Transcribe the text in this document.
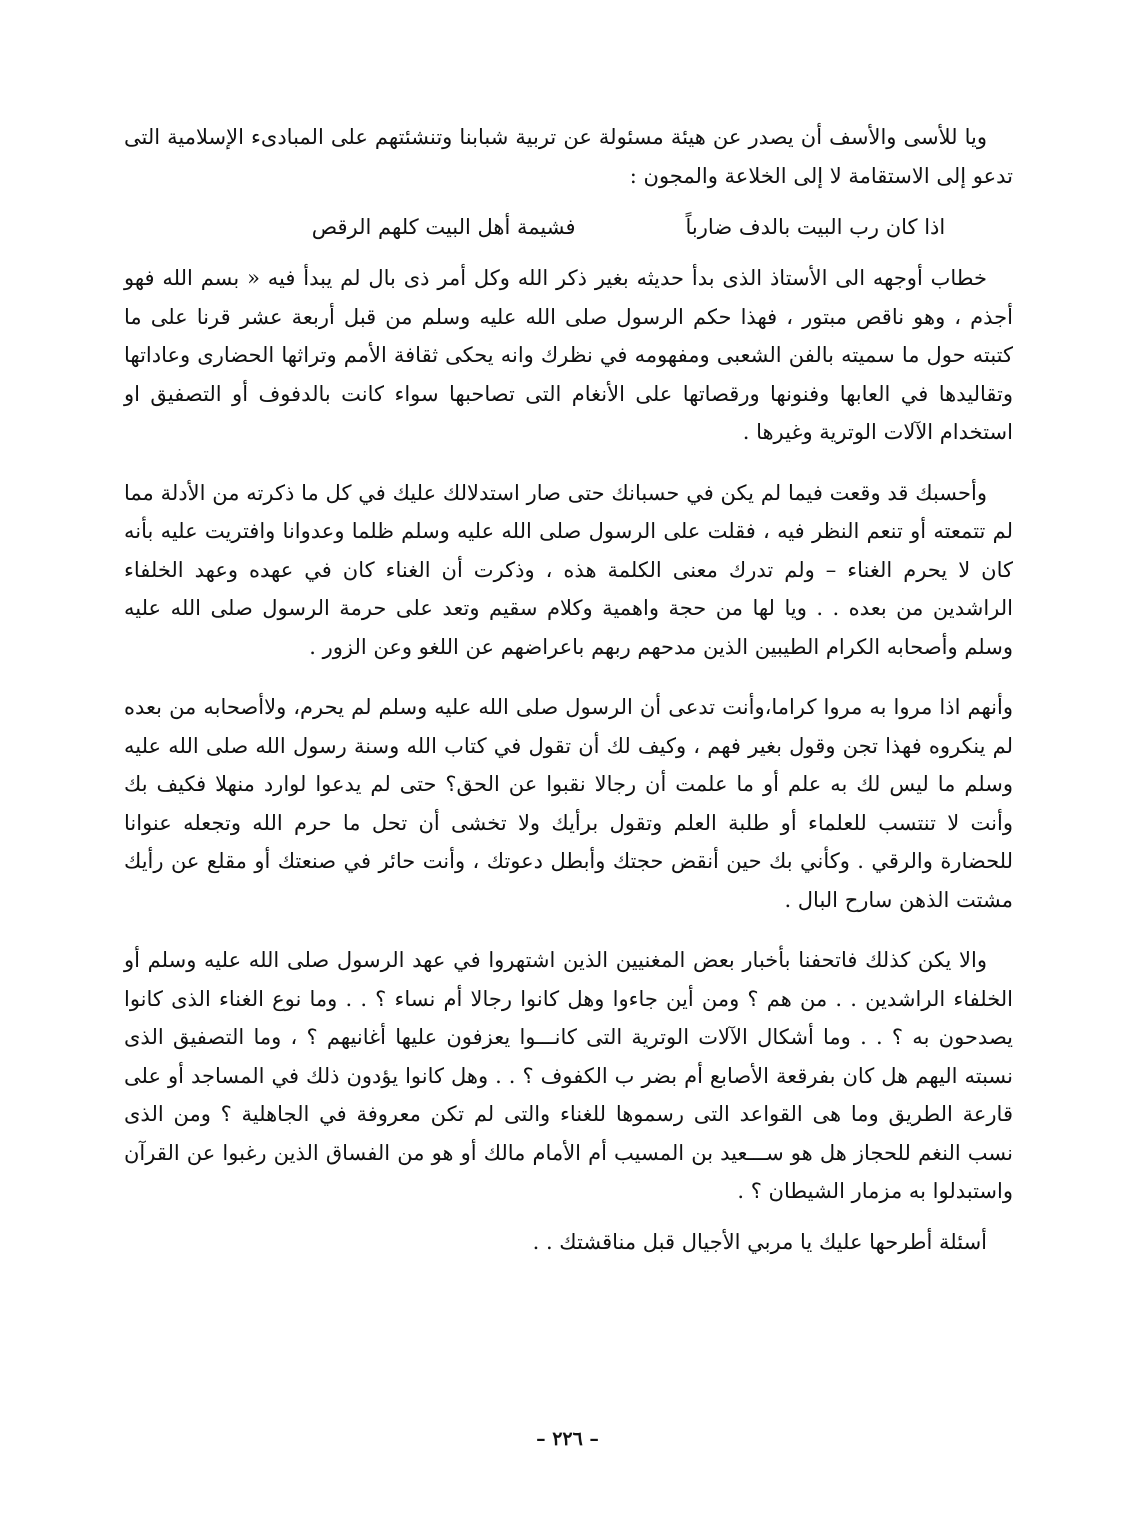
ويا للأسى والأسف أن يصدر عن هيئة مسئولة عن تربية شبابنا وتنشئتهم على المبادىء الإسلامية التى تدعو إلى الاستقامة لا إلى الخلاعة والمجون :

اذا كان رب البيت بالدف ضارباً
فشيمة أهل البيت كلهم الرقص

خطاب أوجهه الى الأستاذ الذى بدأ حديثه بغير ذكر الله وكل أمر ذى بال لم يبدأ فيه « بسم الله فهو أجذم ، وهو ناقص مبتور ، فهذا حكم الرسول صلى الله عليه وسلم من قبل أربعة عشر قرنا على ما كتبته حول ما سميته بالفن الشعبى ومفهومه في نظرك وانه يحكى ثقافة الأمم وتراثها الحضارى وعاداتها وتقاليدها في العابها وفنونها ورقصاتها على الأنغام التى تصاحبها سواء كانت بالدفوف أو التصفيق او استخدام الآلات الوترية وغيرها .

وأحسبك قد وقعت فيما لم يكن في حسبانك حتى صار استدلالك عليك في كل ما ذكرته من الأدلة مما لم تتمعته أو تنعم النظر فيه ، فقلت على الرسول صلى الله عليه وسلم ظلما وعدوانا وافتريت عليه بأنه كان لا يحرم الغناء – ولم تدرك معنى الكلمة هذه ، وذكرت أن الغناء كان في عهده وعهد الخلفاء الراشدين من بعده . . ويا لها من حجة واهمية وكلام سقيم وتعد على حرمة الرسول صلى الله عليه وسلم وأصحابه الكرام الطيبين الذين مدحهم ربهم باعراضهم عن اللغو وعن الزور .

وأنهم اذا مروا به مروا كراما،وأنت تدعى أن الرسول صلى الله عليه وسلم لم يحرم، ولاأصحابه من بعده لم ينكروه فهذا تجن وقول بغير فهم ، وكيف لك أن تقول في كتاب الله وسنة رسول الله صلى الله عليه وسلم ما ليس لك به علم أو ما علمت أن رجالا نقبوا عن الحق؟ حتى لم يدعوا لوارد منهلا فكيف بك وأنت لا تنتسب للعلماء أو طلبة العلم وتقول برأيك ولا تخشى أن تحل ما حرم الله وتجعله عنوانا للحضارة والرقي . وكأني بك حين أنقض حجتك وأبطل دعوتك ، وأنت حائر في صنعتك أو مقلع عن رأيك مشتت الذهن سارح البال .

والا يكن كذلك فاتحفنا بأخبار بعض المغنيين الذين اشتهروا في عهد الرسول صلى الله عليه وسلم أو الخلفاء الراشدين . . من هم ؟ ومن أين جاءوا وهل كانوا رجالا أم نساء ؟ . . وما نوع الغناء الذى كانوا يصدحون به ؟ . . وما أشكال الآلات الوترية التى كانـــوا يعزفون عليها أغانيهم ؟ ، وما التصفيق الذى نسبته اليهم هل كان بفرقعة الأصابع أم بضر ب الكفوف ؟ . . وهل كانوا يؤدون ذلك في المساجد أو على قارعة الطريق وما هى القواعد التى رسموها للغناء والتى لم تكن معروفة في الجاهلية ؟ ومن الذى نسب النغم للحجاز هل هو ســـعيد بن المسيب أم الأمام مالك أو هو من الفساق الذين رغبوا عن القرآن واستبدلوا به مزمار الشيطان ؟ .

أسئلة أطرحها عليك يا مربي الأجيال قبل مناقشتك . .

– ٢٢٦ –
